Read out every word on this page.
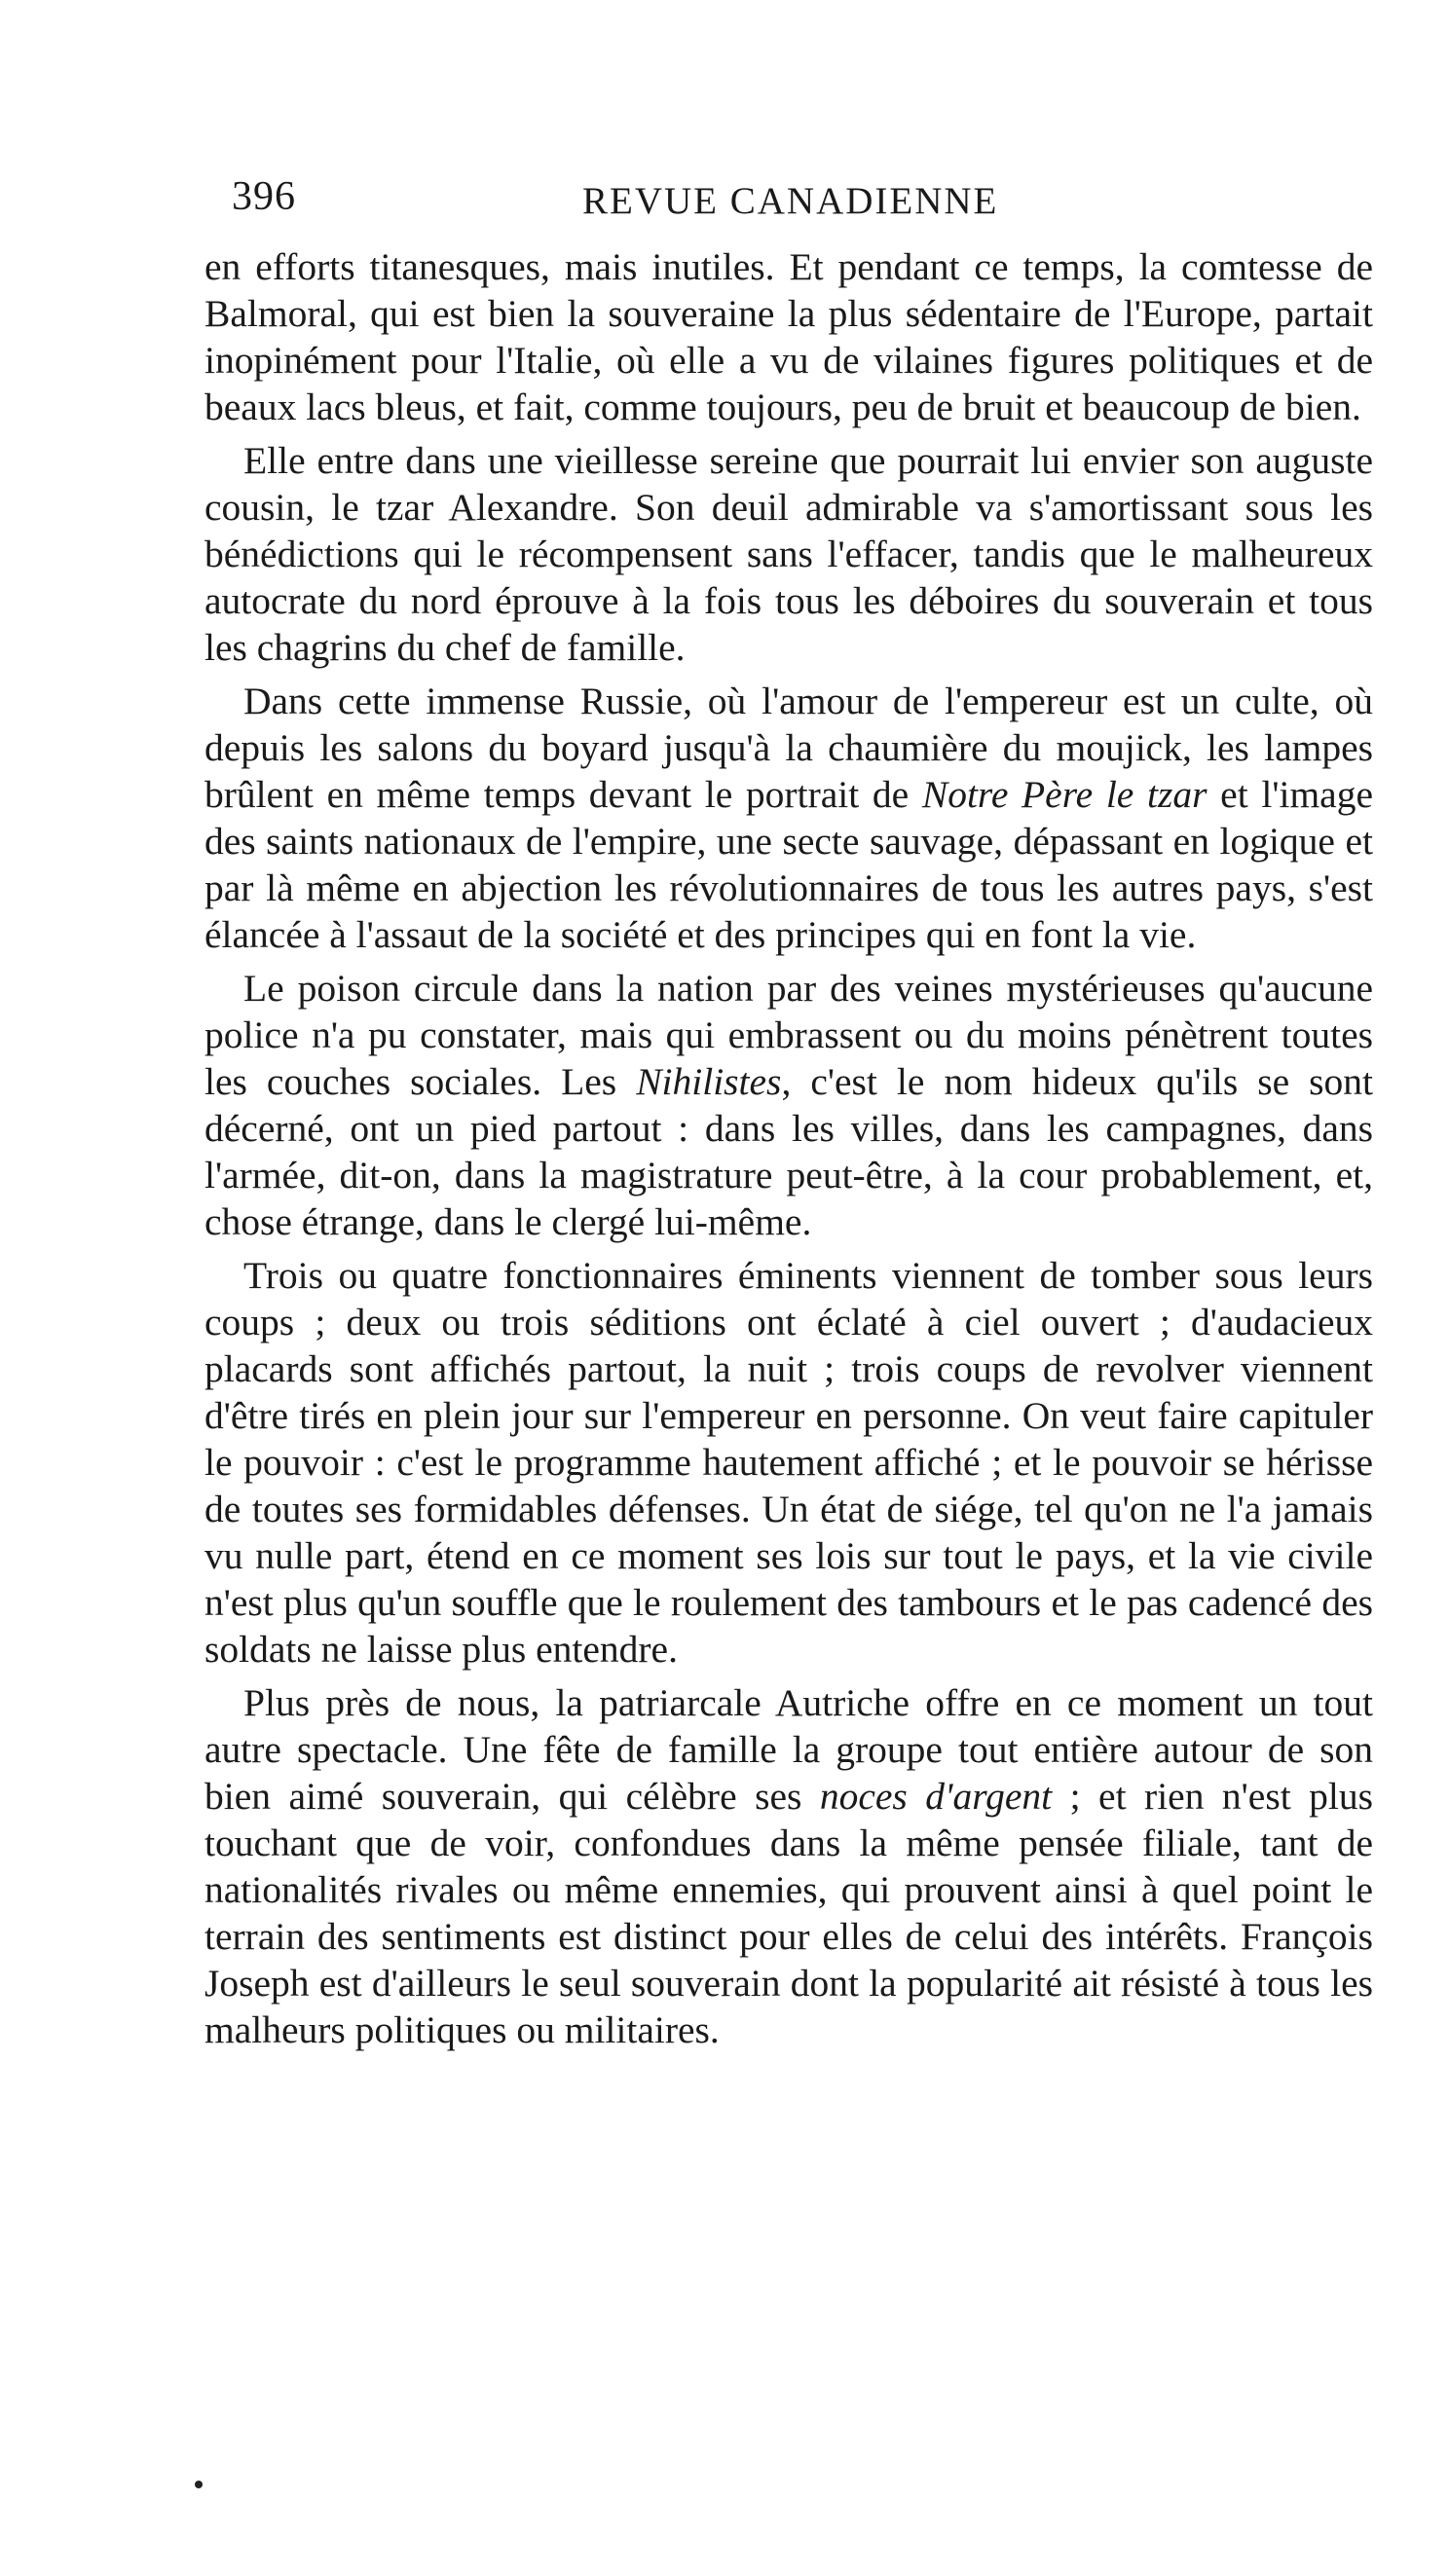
396	REVUE CANADIENNE

en efforts titanesques, mais inutiles. Et pendant ce temps, la comtesse de Balmoral, qui est bien la souveraine la plus sédentaire de l'Europe, partait inopinément pour l'Italie, où elle a vu de vilaines figures politiques et de beaux lacs bleus, et fait, comme toujours, peu de bruit et beaucoup de bien.

Elle entre dans une vieillesse sereine que pourrait lui envier son auguste cousin, le tzar Alexandre. Son deuil admirable va s'amortissant sous les bénédictions qui le récompensent sans l'effacer, tandis que le malheureux autocrate du nord éprouve à la fois tous les déboires du souverain et tous les chagrins du chef de famille.

Dans cette immense Russie, où l'amour de l'empereur est un culte, où depuis les salons du boyard jusqu'à la chaumière du moujick, les lampes brûlent en même temps devant le portrait de Notre Père le tzar et l'image des saints nationaux de l'empire, une secte sauvage, dépassant en logique et par là même en abjection les révolutionnaires de tous les autres pays, s'est élancée à l'assaut de la société et des principes qui en font la vie.

Le poison circule dans la nation par des veines mystérieuses qu'aucune police n'a pu constater, mais qui embrassent ou du moins pénètrent toutes les couches sociales. Les Nihilistes, c'est le nom hideux qu'ils se sont décerné, ont un pied partout : dans les villes, dans les campagnes, dans l'armée, dit-on, dans la magistrature peut-être, à la cour probablement, et, chose étrange, dans le clergé lui-même.

Trois ou quatre fonctionnaires éminents viennent de tomber sous leurs coups ; deux ou trois séditions ont éclaté à ciel ouvert ; d'audacieux placards sont affichés partout, la nuit ; trois coups de revolver viennent d'être tirés en plein jour sur l'empereur en personne. On veut faire capituler le pouvoir : c'est le programme hautement affiché ; et le pouvoir se hérisse de toutes ses formidables défenses. Un état de siége, tel qu'on ne l'a jamais vu nulle part, étend en ce moment ses lois sur tout le pays, et la vie civile n'est plus qu'un souffle que le roulement des tambours et le pas cadencé des soldats ne laisse plus entendre.

Plus près de nous, la patriarcale Autriche offre en ce moment un tout autre spectacle. Une fête de famille la groupe tout entière autour de son bien aimé souverain, qui célèbre ses noces d'argent ; et rien n'est plus touchant que de voir, confondues dans la même pensée filiale, tant de nationalités rivales ou même ennemies, qui prouvent ainsi à quel point le terrain des sentiments est distinct pour elles de celui des intérêts. François Joseph est d'ailleurs le seul souverain dont la popularité ait résisté à tous les malheurs politiques ou militaires.
